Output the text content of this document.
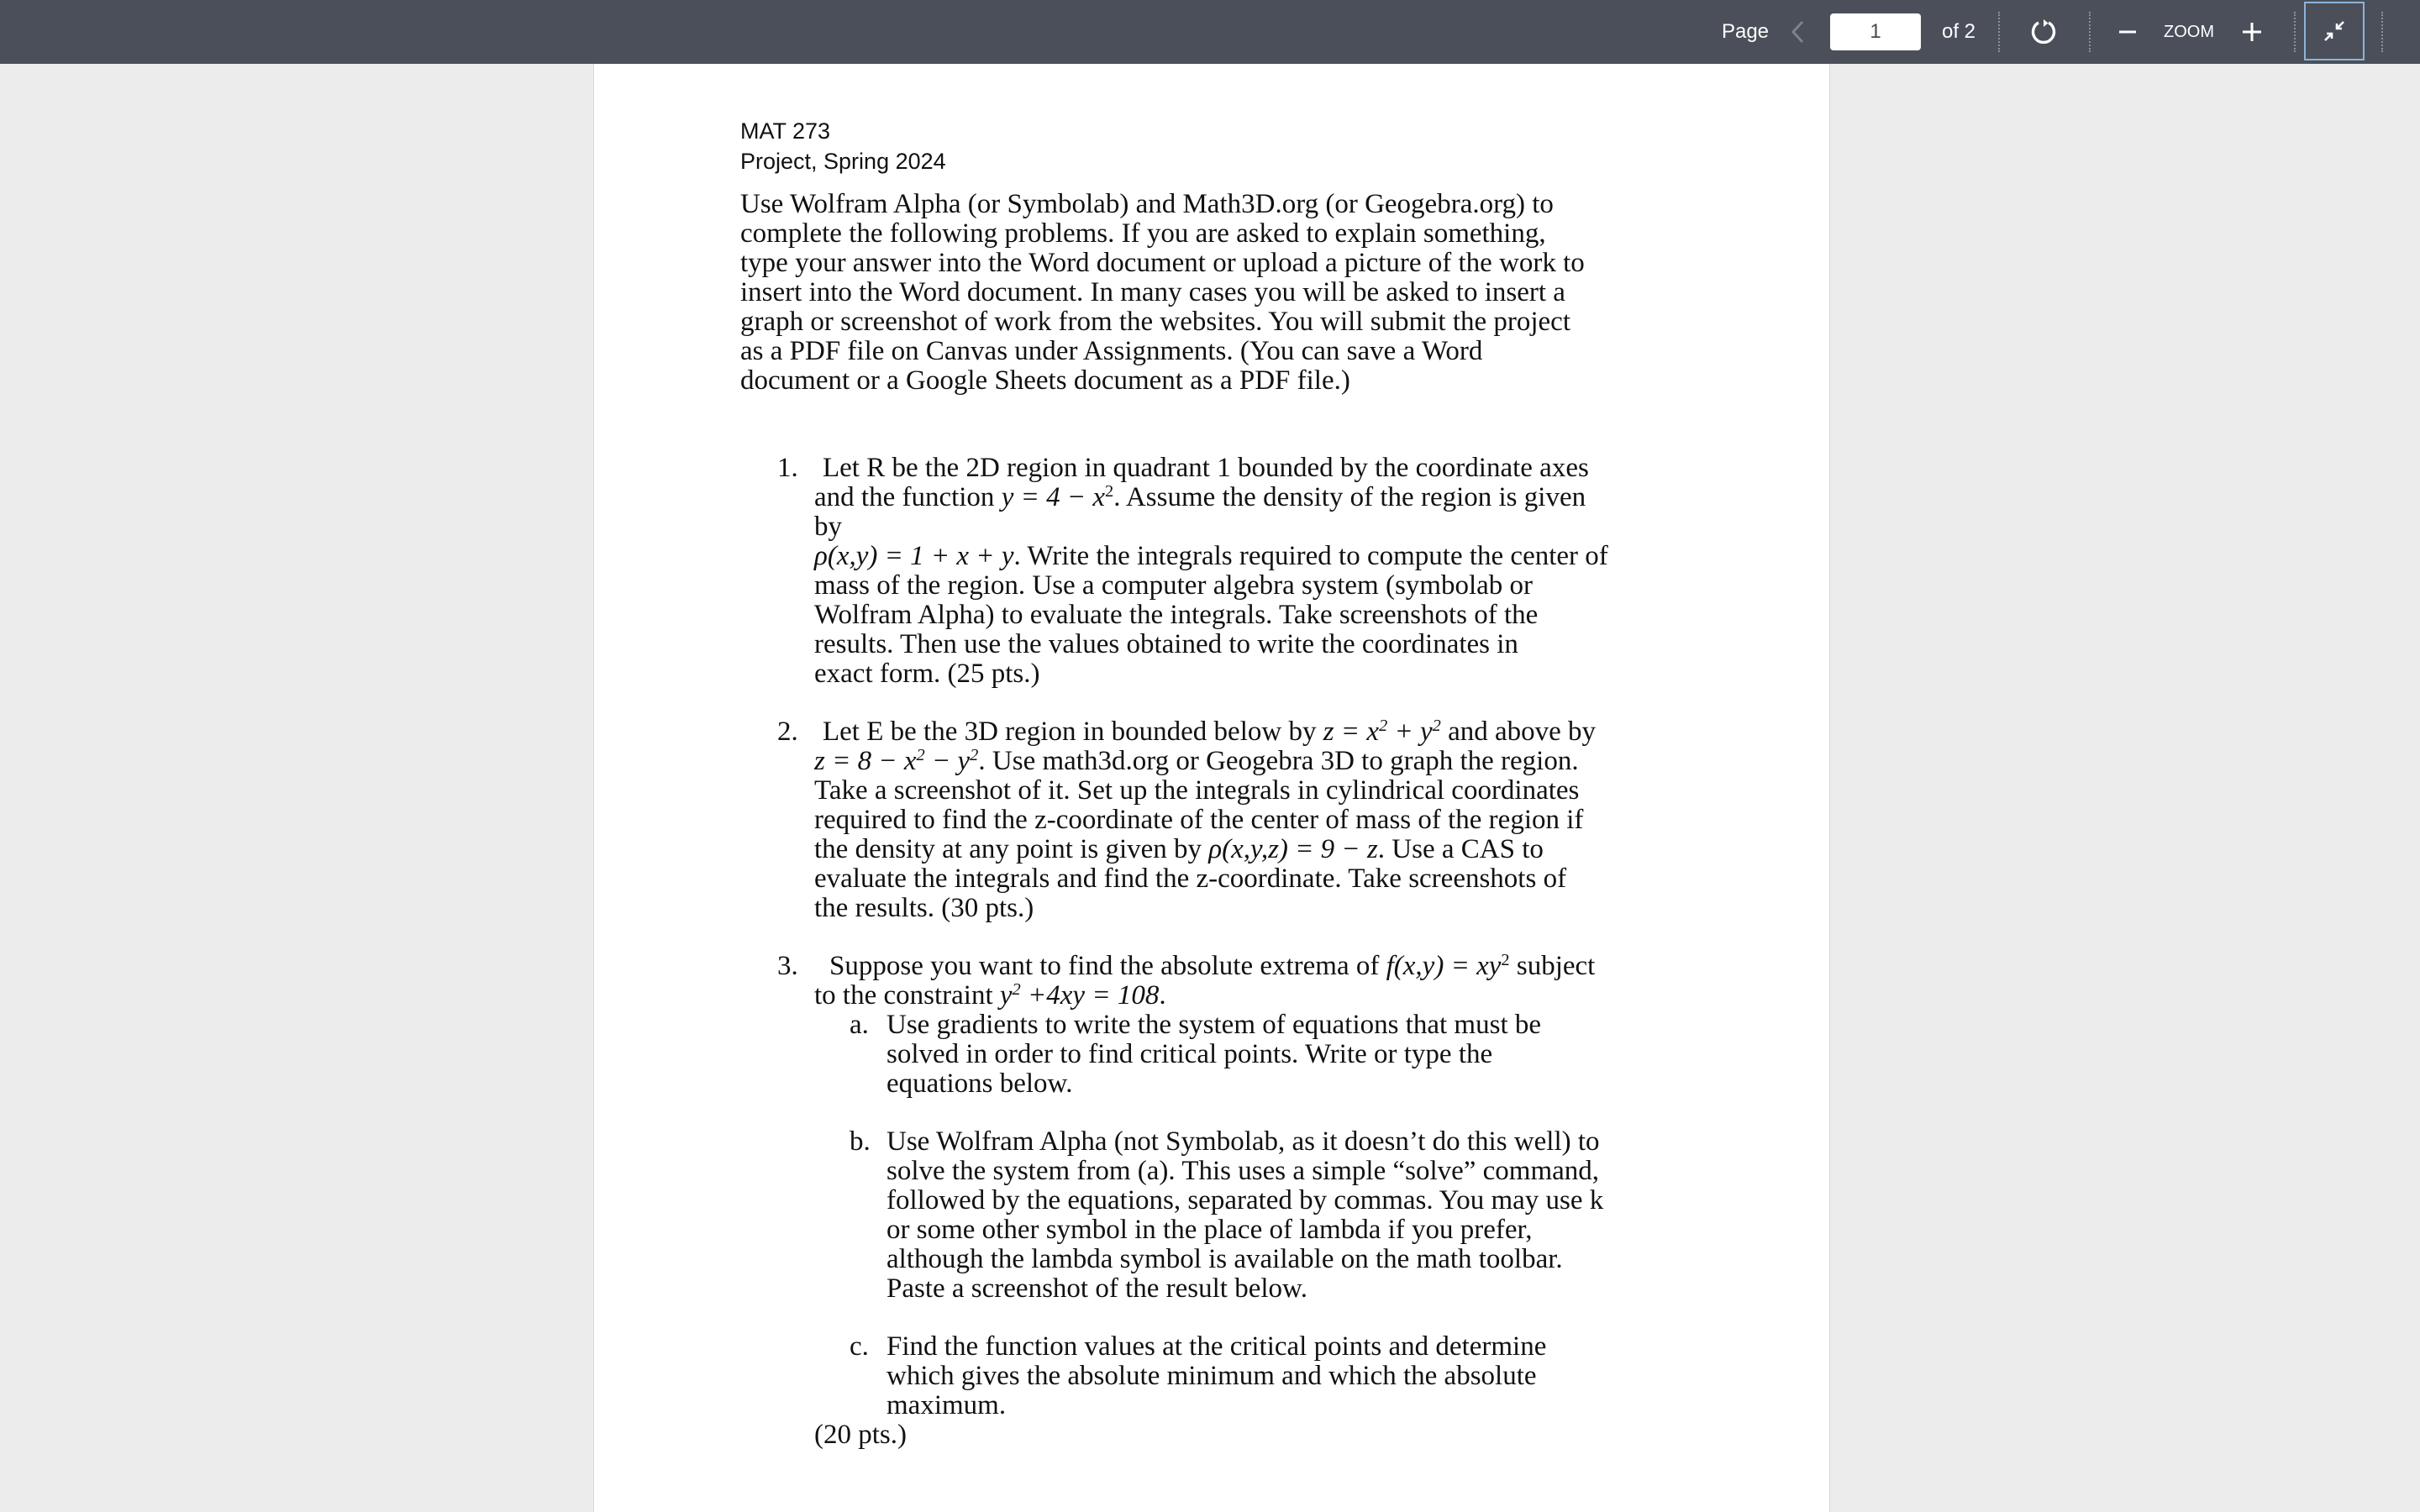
Page
1	of 2	ZOOM
MAT 273
Project, Spring 2024
Use Wolfram Alpha (or Symbolab) and Math3D.org (or Geogebra.org) to
complete the following problems. If you are asked to explain something,
type your answer into the Word document or upload a picture of the work to
insert into the Word document. In many cases you will be asked to insert a
graph or screenshot of work from the websites. You will submit the project
as a PDF file on Canvas under Assignments. (You can save a Word
document or a Google Sheets document as a PDF file.)
1. Let R be the 2D region in quadrant 1 bounded by the coordinate axes
and the function $y = 4 - x^2$. Assume the density of the region is given
by
ρ(x,y) = 1 + x + y. Write the integrals required to compute the center of
mass of the region. Use a computer algebra system (symbolab or
Wolfram Alpha) to evaluate the integrals. Take screenshots of the
results. Then use the values obtained to write the coordinates in
exact form. (25 pts.)
2. Let E be the 3D region in bounded below by $z = x^2 + y^2$ and above by
$z = 8 - x^2 - y^2$. Use math3d.org or Geogebra 3D to graph the region.
Take a screenshot of it. Set up the integrals in cylindrical coordinates
required to find the z-coordinate of the center of mass of the region if
the density at any point is given by ρ(x,y,z) = 9 − z. Use a CAS to
evaluate the integrals and find the z-coordinate. Take screenshots of
the results. (30 pts.)
3.	Suppose you want to find the absolute extrema of $f(x,y) = xy^2$ subject
to the constraint $y^2 +4xy = 108$.
a. Use gradients to write the system of equations that must be
solved in order to find critical points. Write or type the
equations below.
b. Use Wolfram Alpha (not Symbolab, as it doesn’t do this well) to
solve the system from (a). This uses a simple “solve” command,
followed by the equations, separated by commas. You may use k
or some other symbol in the place of lambda if you prefer,
although the lambda symbol is available on the math toolbar.
Paste a screenshot of the result below.
c. Find the function values at the critical points and determine
which gives the absolute minimum and which the absolute
maximum.
(20 pts.)
